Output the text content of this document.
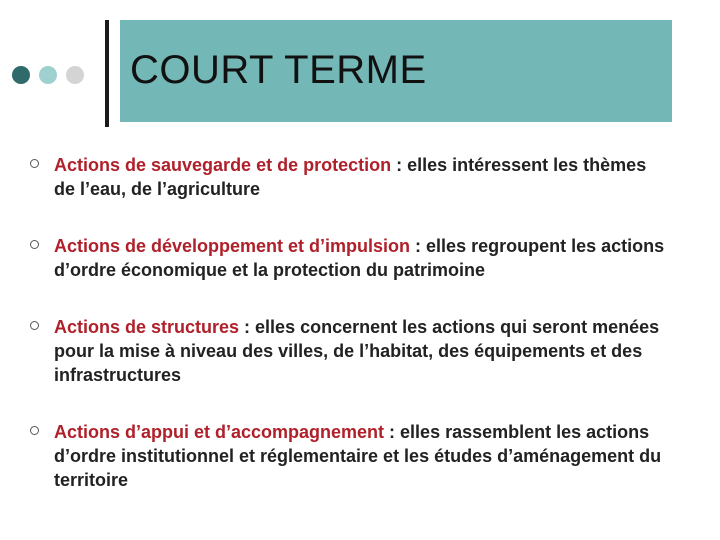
COURT TERME
Actions de sauvegarde et de protection : elles intéressent les thèmes de l’eau, de l’agriculture
Actions de développement et d’impulsion : elles regroupent les actions d’ordre économique et la protection du patrimoine
Actions de structures : elles concernent les actions qui seront menées pour la mise à niveau des villes, de l’habitat, des équipements et des infrastructures
Actions d’appui et d’accompagnement : elles rassemblent les actions d’ordre institutionnel et réglementaire et les études d’aménagement du territoire
